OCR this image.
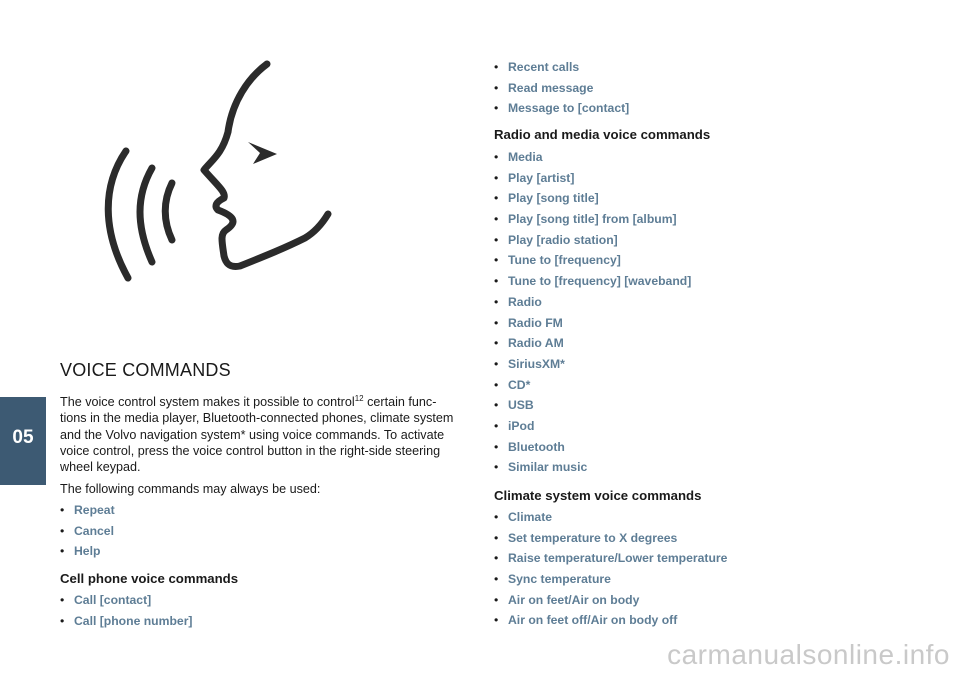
05
VOICE COMMANDS

The voice control system makes it possible to control$^{12}$ certain func-tions in the media player, Bluetooth-connected phones, climate system and the Volvo navigation system* using voice commands. To activate voice control, press the voice control button in the right-side steering wheel keypad.

The following commands may always be used:

• Repeat
• Cancel
• Help
Cell phone voice commands
• Call [contact]
• Call [phone number]
• Recent calls
• Read message
• Message to [contact]
Radio and media voice commands
• Media
• Play [artist]
• Play [song title]
• Play [song title] from [album]
• Play [radio station]
• Tune to [frequency]
• Tune to [frequency] [waveband]
• Radio
• Radio FM
• Radio AM
• SiriusXM*
• CD*
• USB
• iPod
• Bluetooth
• Similar music
Climate system voice commands
• Climate
• Set temperature to X degrees
• Raise temperature/Lower temperature
• Sync temperature
• Air on feet/Air on body
• Air on feet off/Air on body off
carmanualsonline.info
